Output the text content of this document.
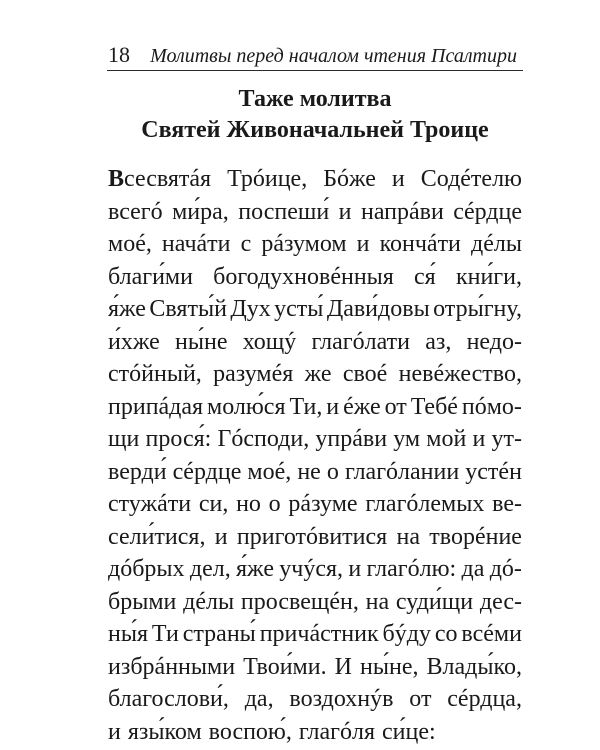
18 Молитвы перед началом чтения Псалтири
Таже молитва
Святей Живоначальней Троице
Всесвятáя Трóице, Бóже и Содéтелю
всегó ми́ра, поспеши́ и напрáви сéрдце
моé, начáти с рáзумом и кончáти дéлы
благи́ми богодухновéнныя ся́ кни́ги,
я́же Святы́й Дух усты́ Дави́довы отры́гну,
и́хже ны́не хощý глагóлати аз, недо-
стóйный, разумéя же своé невéжество,
припáдая молю́ся Ти, и éже от Тебé пóмо-
щи прося́: Гóсподи, упрáви ум мой и ут-
верди́ сéрдце моé, не о глагóлании устéн
стужáти си, но о рáзуме глагóлемых ве-
сели́тися, и приготóвитися на творéние
дóбрых дел, я́же учýся, и глагóлю: да дó-
брыми дéлы просвещéн, на суди́щи дес-
ны́я Ти страны́ причáстник бýду со всéми
избрáнными Твои́ми. И ны́не, Влады́ко,
благослови́, да, воздохнýв от сéрдца,
и язы́ком воспою́, глагóля си́це:
